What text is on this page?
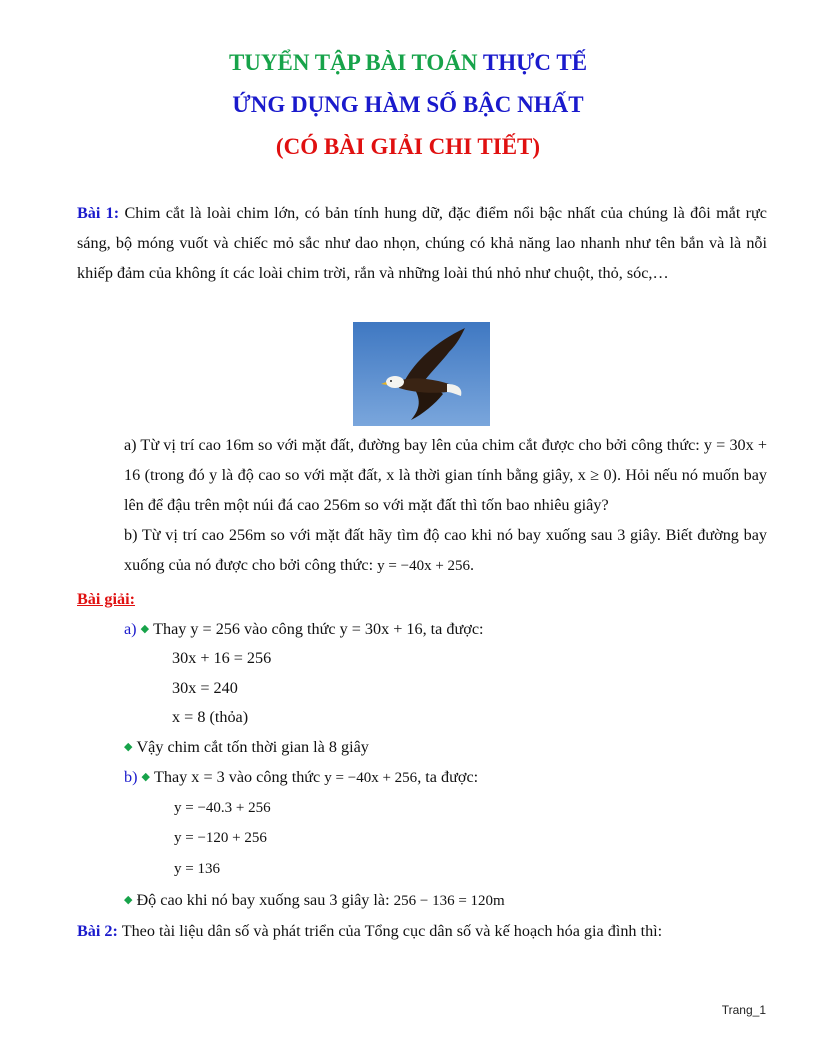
TUYỂN TẬP BÀI TOÁN THỰC TẾ
ỨNG DỤNG HÀM SỐ BẬC NHẤT
(CÓ BÀI GIẢI CHI TIẾT)
Bài 1: Chim cắt là loài chim lớn, có bản tính hung dữ, đặc điểm nổi bậc nhất của chúng là đôi mắt rực sáng, bộ móng vuốt và chiếc mỏ sắc như dao nhọn, chúng có khả năng lao nhanh như tên bắn và là nỗi khiếp đảm của không ít các loài chim trời, rắn và những loài thú nhỏ như chuột, thỏ, sóc,…
a) Từ vị trí cao 16m so với mặt đất, đường bay lên của chim cắt được cho bởi công thức: y = 30x + 16 (trong đó y là độ cao so với mặt đất, x là thời gian tính bằng giây, x ≥ 0). Hỏi nếu nó muốn bay lên để đậu trên một núi đá cao 256m so với mặt đất thì tốn bao nhiêu giây?
b) Từ vị trí cao 256m so với mặt đất hãy tìm độ cao khi nó bay xuống sau 3 giây. Biết đường bay xuống của nó được cho bởi công thức: y = −40x + 256.
Bài giải:
a) ◆ Thay y = 256 vào công thức y = 30x + 16, ta được:
30x + 16 = 256
30x = 240
x = 8 (thỏa)
◆ Vậy chim cắt tốn thời gian là 8 giây
b) ◆ Thay x = 3 vào công thức y = −40x + 256, ta được:
y = −40.3 + 256
y = −120 + 256
y = 136
◆ Độ cao khi nó bay xuống sau 3 giây là: 256 − 136 = 120m
Bài 2: Theo tài liệu dân số và phát triển của Tổng cục dân số và kế hoạch hóa gia đình thì:
Trang_1
